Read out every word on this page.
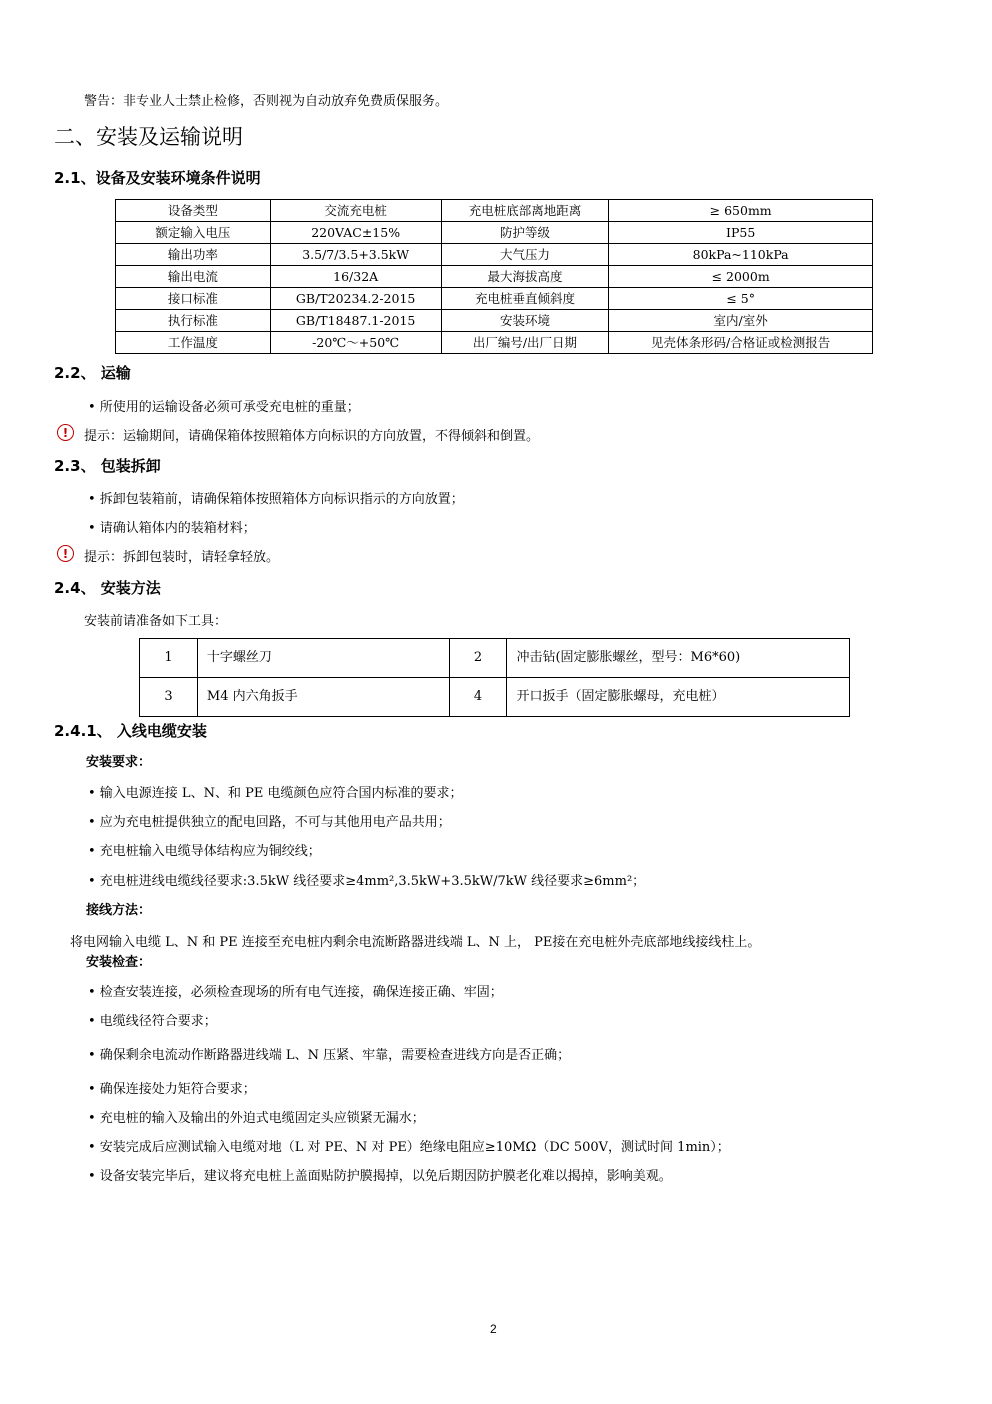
警告：非专业人士禁止检修，否则视为自动放弃免费质保服务。
二、安装及运输说明
2.1、设备及安装环境条件说明
设备类型	交流充电桩	充电桩底部离地距离	≥ 650mm
额定输入电压	220VAC±15%	防护等级	IP55
输出功率	3.5/7/3.5+3.5kW	大气压力	80kPa~110kPa
输出电流	16/32A	最大海拔高度	≤ 2000m
接口标准	GB/T20234.2-2015	充电桩垂直倾斜度	≤ 5°
执行标准	GB/T18487.1-2015	安装环境	室内/室外
工作温度	-20℃～+50℃	出厂编号/出厂日期	见壳体条形码/合格证或检测报告
2.2、 运输
• 所使用的运输设备必须可承受充电桩的重量；
!	提示：运输期间，请确保箱体按照箱体方向标识的方向放置，不得倾斜和倒置。
2.3、 包装拆卸
• 拆卸包装箱前，请确保箱体按照箱体方向标识指示的方向放置；
• 请确认箱体内的装箱材料；
!	提示：拆卸包装时，请轻拿轻放。
2.4、 安装方法
安装前请准备如下工具：
1	十字螺丝刀	2	冲击钻(固定膨胀螺丝，型号：M6*60)
3	M4 内六角扳手	4	开口扳手（固定膨胀螺母，充电桩）
2.4.1、 入线电缆安装
安装要求：
• 输入电源连接 L、N、和 PE 电缆颜色应符合国内标准的要求；
• 应为充电桩提供独立的配电回路，不可与其他用电产品共用；
• 充电桩输入电缆导体结构应为铜绞线；
• 充电桩进线电缆线径要求:3.5kW 线径要求≥4mm²,3.5kW+3.5kW/7kW 线径要求≥6mm²；
接线方法：
将电网输入电缆 L、N 和 PE 连接至充电桩内剩余电流断路器进线端 L、N 上， PE接在充电桩外壳底部地线接线柱上。
安装检查：
• 检查安装连接，必须检查现场的所有电气连接，确保连接正确、牢固；
• 电缆线径符合要求；
• 确保剩余电流动作断路器进线端 L、N 压紧、牢靠，需要检查进线方向是否正确；
• 确保连接处力矩符合要求；
• 充电桩的输入及输出的外迫式电缆固定头应锁紧无漏水；
• 安装完成后应测试输入电缆对地（L 对 PE、N 对 PE）绝缘电阻应≥10MΩ（DC 500V，测试时间 1min）；
• 设备安装完毕后，建议将充电桩上盖面贴防护膜揭掉，以免后期因防护膜老化难以揭掉，影响美观。
2
